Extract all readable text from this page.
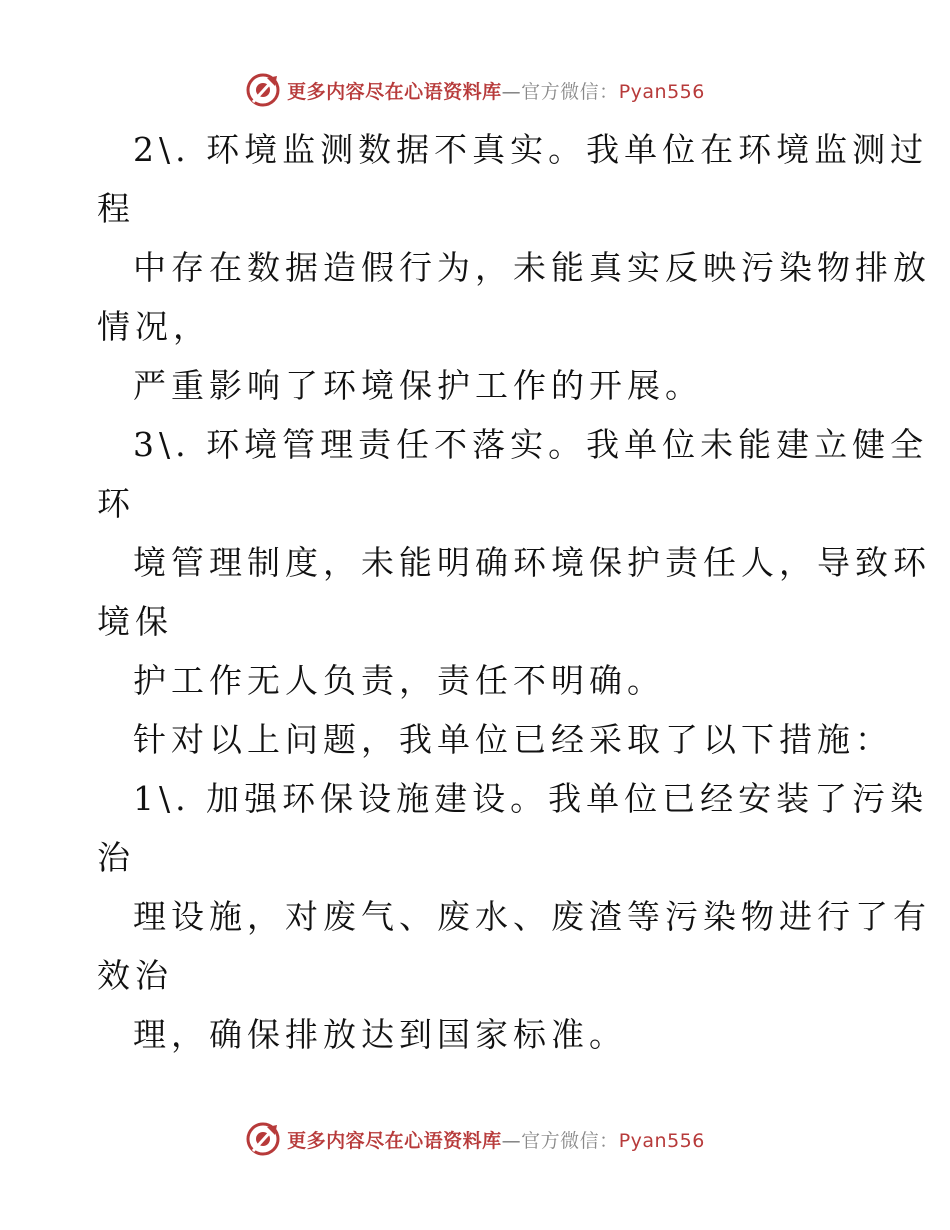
更多内容尽在心语资料库—官方微信：Pyan556
2\. 环境监测数据不真实。我单位在环境监测过
程
中存在数据造假行为，未能真实反映污染物排放
情况，
严重影响了环境保护工作的开展。
3\. 环境管理责任不落实。我单位未能建立健全
环
境管理制度，未能明确环境保护责任人，导致环
境保
护工作无人负责，责任不明确。
针对以上问题，我单位已经采取了以下措施：
1\. 加强环保设施建设。我单位已经安装了污染
治
理设施，对废气、废水、废渣等污染物进行了有
效治
理，确保排放达到国家标准。
更多内容尽在心语资料库—官方微信：Pyan556
